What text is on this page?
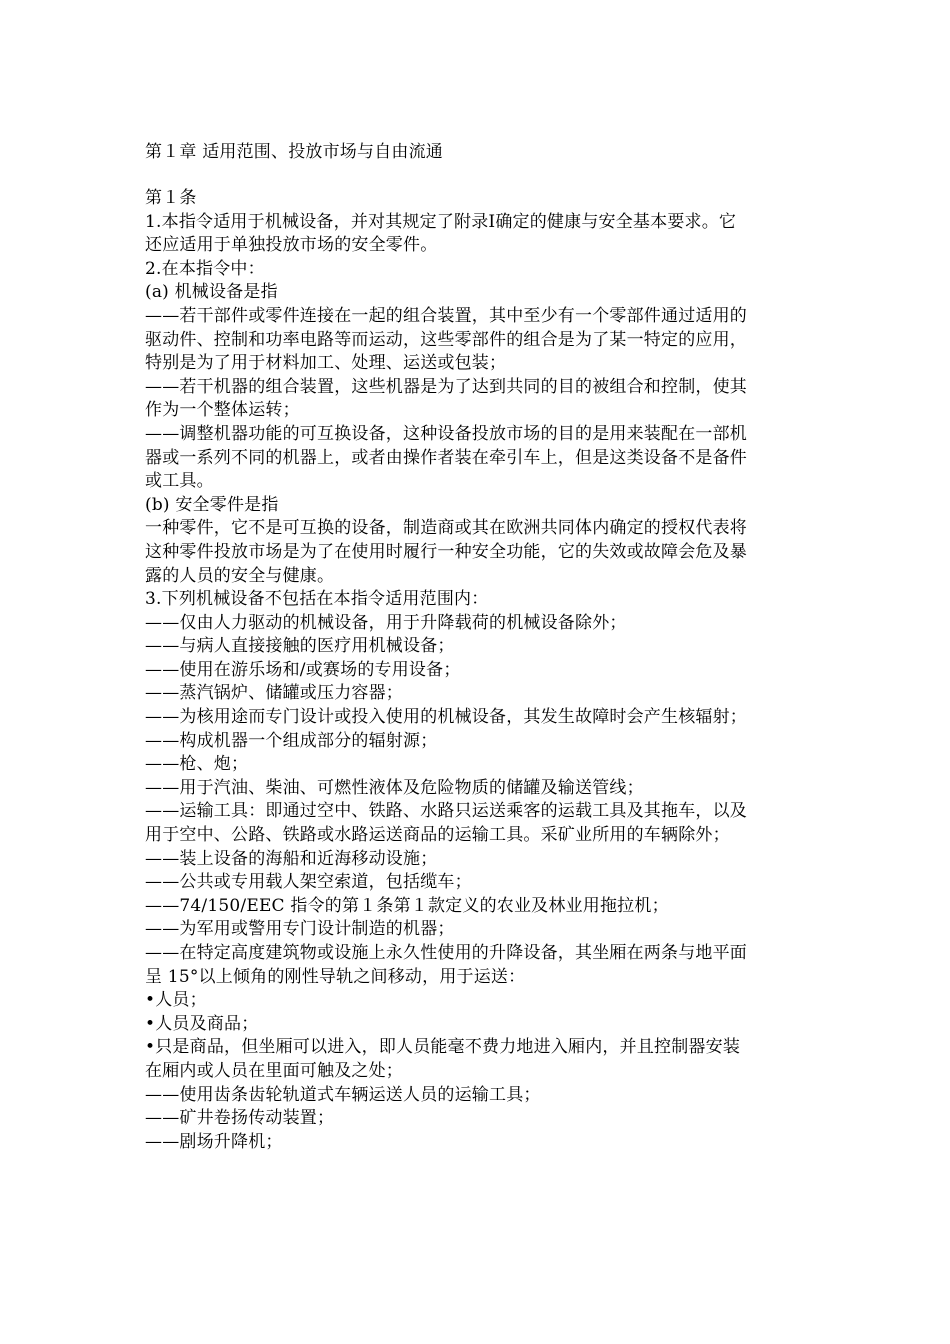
第１章 适用范围、投放市场与自由流通

第１条

1.本指令适用于机械设备，并对其规定了附录Ⅰ确定的健康与安全基本要求。它

还应适用于单独投放市场的安全零件。

2.在本指令中：

(a) 机械设备是指

——若干部件或零件连接在一起的组合装置，其中至少有一个零部件通过适用的

驱动件、控制和功率电路等而运动，这些零部件的组合是为了某一特定的应用，

特别是为了用于材料加工、处理、运送或包装；

——若干机器的组合装置，这些机器是为了达到共同的目的被组合和控制，使其

作为一个整体运转；

——调整机器功能的可互换设备，这种设备投放市场的目的是用来装配在一部机

器或一系列不同的机器上，或者由操作者装在牵引车上，但是这类设备不是备件

或工具。

(b) 安全零件是指

一种零件，它不是可互换的设备，制造商或其在欧洲共同体内确定的授权代表将

这种零件投放市场是为了在使用时履行一种安全功能，它的失效或故障会危及暴

露的人员的安全与健康。

3.下列机械设备不包括在本指令适用范围内：

——仅由人力驱动的机械设备，用于升降载荷的机械设备除外；

——与病人直接接触的医疗用机械设备；

——使用在游乐场和/或赛场的专用设备；

——蒸汽锅炉、储罐或压力容器；

——为核用途而专门设计或投入使用的机械设备，其发生故障时会产生核辐射；

——构成机器一个组成部分的辐射源；

——枪、炮；

——用于汽油、柴油、可燃性液体及危险物质的储罐及输送管线；

——运输工具：即通过空中、铁路、水路只运送乘客的运载工具及其拖车，以及

用于空中、公路、铁路或水路运送商品的运输工具。采矿业所用的车辆除外；

——装上设备的海船和近海移动设施；

——公共或专用载人架空索道，包括缆车；

——74/150/EEC 指令的第１条第１款定义的农业及林业用拖拉机；

——为军用或警用专门设计制造的机器；

——在特定高度建筑物或设施上永久性使用的升降设备，其坐厢在两条与地平面

呈 15°以上倾角的刚性导轨之间移动，用于运送：

•人员；

•人员及商品；

•只是商品，但坐厢可以进入，即人员能毫不费力地进入厢内，并且控制器安装

在厢内或人员在里面可触及之处；

——使用齿条齿轮轨道式车辆运送人员的运输工具；

——矿井卷扬传动装置；

——剧场升降机；
